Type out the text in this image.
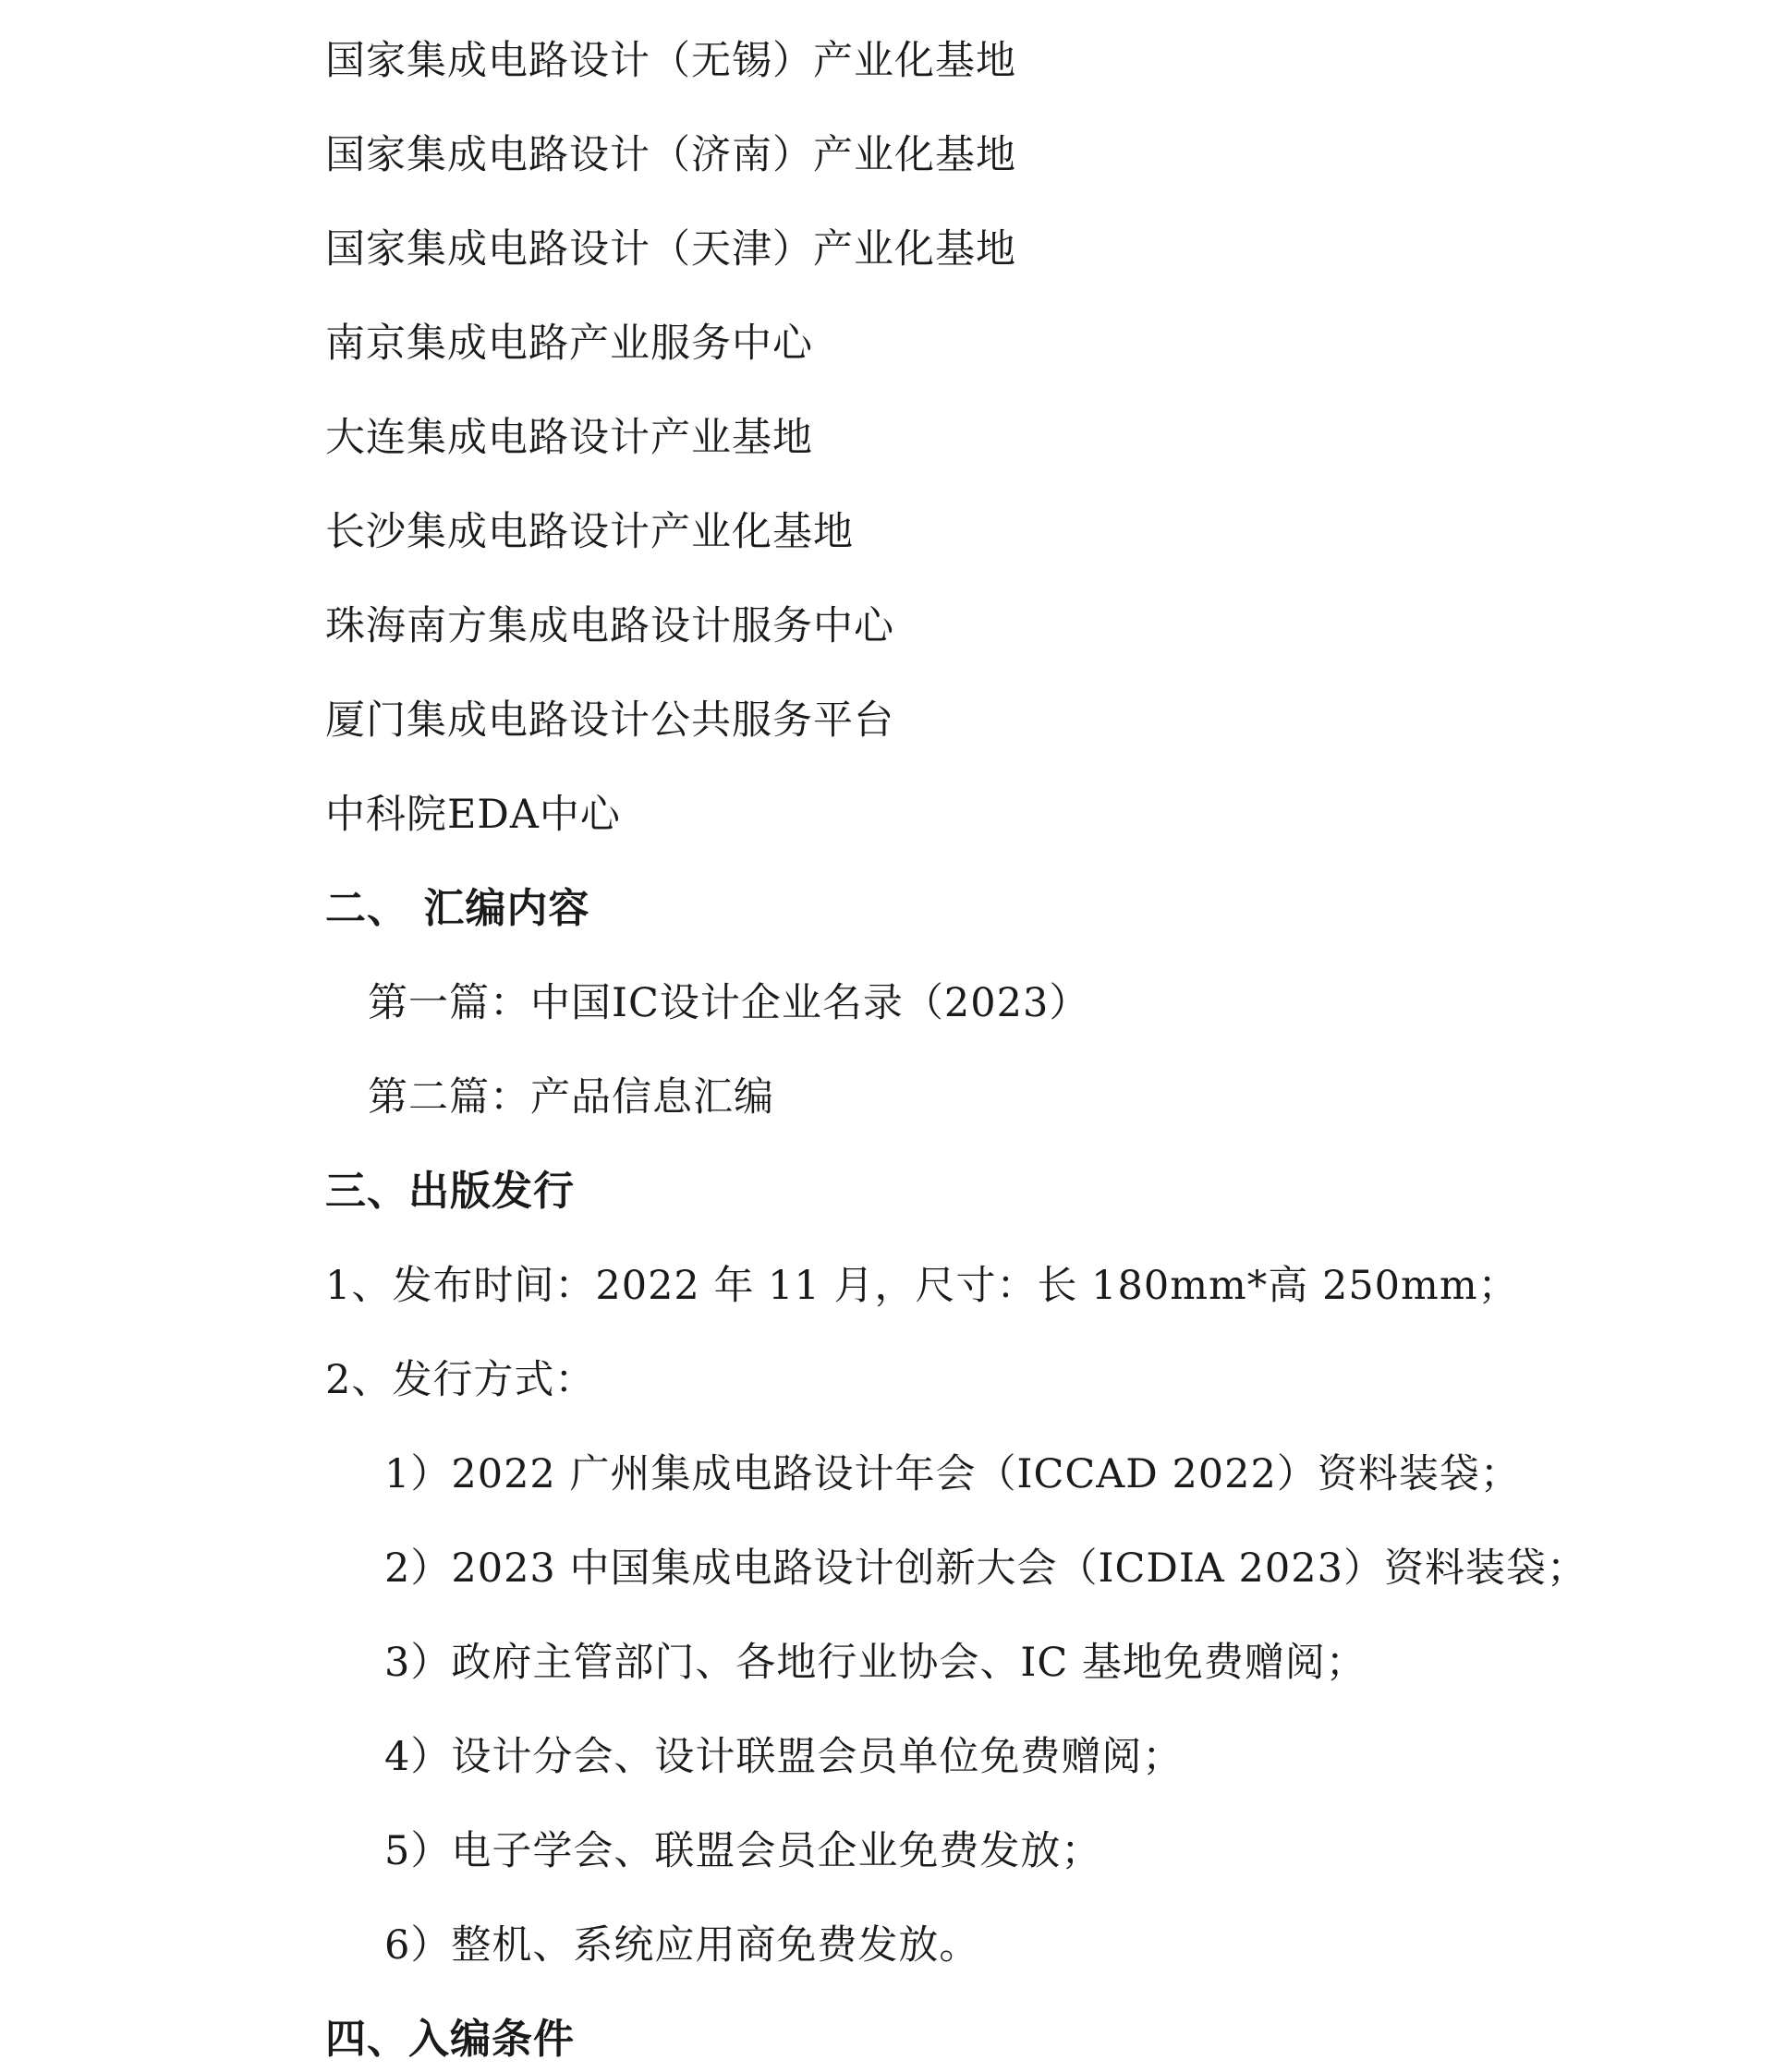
国家集成电路设计（无锡）产业化基地
国家集成电路设计（济南）产业化基地
国家集成电路设计（天津）产业化基地
南京集成电路产业服务中心
大连集成电路设计产业基地
长沙集成电路设计产业化基地
珠海南方集成电路设计服务中心
厦门集成电路设计公共服务平台
中科院EDA中心
二、 汇编内容
第一篇：中国IC设计企业名录（2023）
第二篇：产品信息汇编
三、出版发行
1、发布时间：2022 年 11 月，尺寸：长 180mm*高 250mm；
2、发行方式：
1）2022 广州集成电路设计年会（ICCAD 2022）资料装袋；
2）2023 中国集成电路设计创新大会（ICDIA 2023）资料装袋；
3）政府主管部门、各地行业协会、IC 基地免费赠阅；
4）设计分会、设计联盟会员单位免费赠阅；
5）电子学会、联盟会员企业免费发放；
6）整机、系统应用商免费发放。
四、入编条件
